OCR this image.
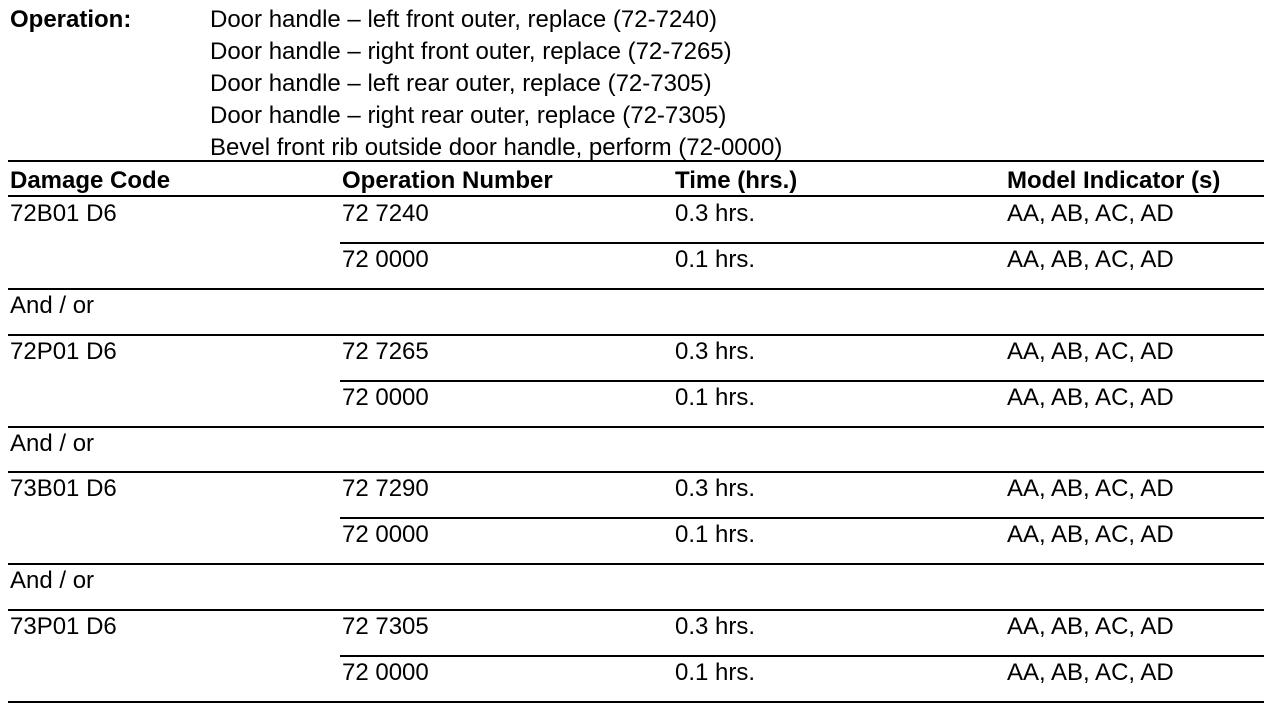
Operation:	Door handle – left front outer, replace (72-7240)
Door handle – right front outer, replace (72-7265)
Door handle – left rear outer, replace (72-7305)
Door handle – right rear outer, replace (72-7305)
Bevel front rib outside door handle, perform (72-0000)
Damage Code	Operation Number	Time (hrs.)	Model Indicator (s)
72B01 D6	72 7240	0.3 hrs.	AA, AB, AC, AD
72 0000	0.1 hrs.	AA, AB, AC, AD
And / or
72P01 D6	72 7265	0.3 hrs.	AA, AB, AC, AD
72 0000	0.1 hrs.	AA, AB, AC, AD
And / or
73B01 D6	72 7290	0.3 hrs.	AA, AB, AC, AD
72 0000	0.1 hrs.	AA, AB, AC, AD
And / or
73P01 D6	72 7305	0.3 hrs.	AA, AB, AC, AD
72 0000	0.1 hrs.	AA, AB, AC, AD
